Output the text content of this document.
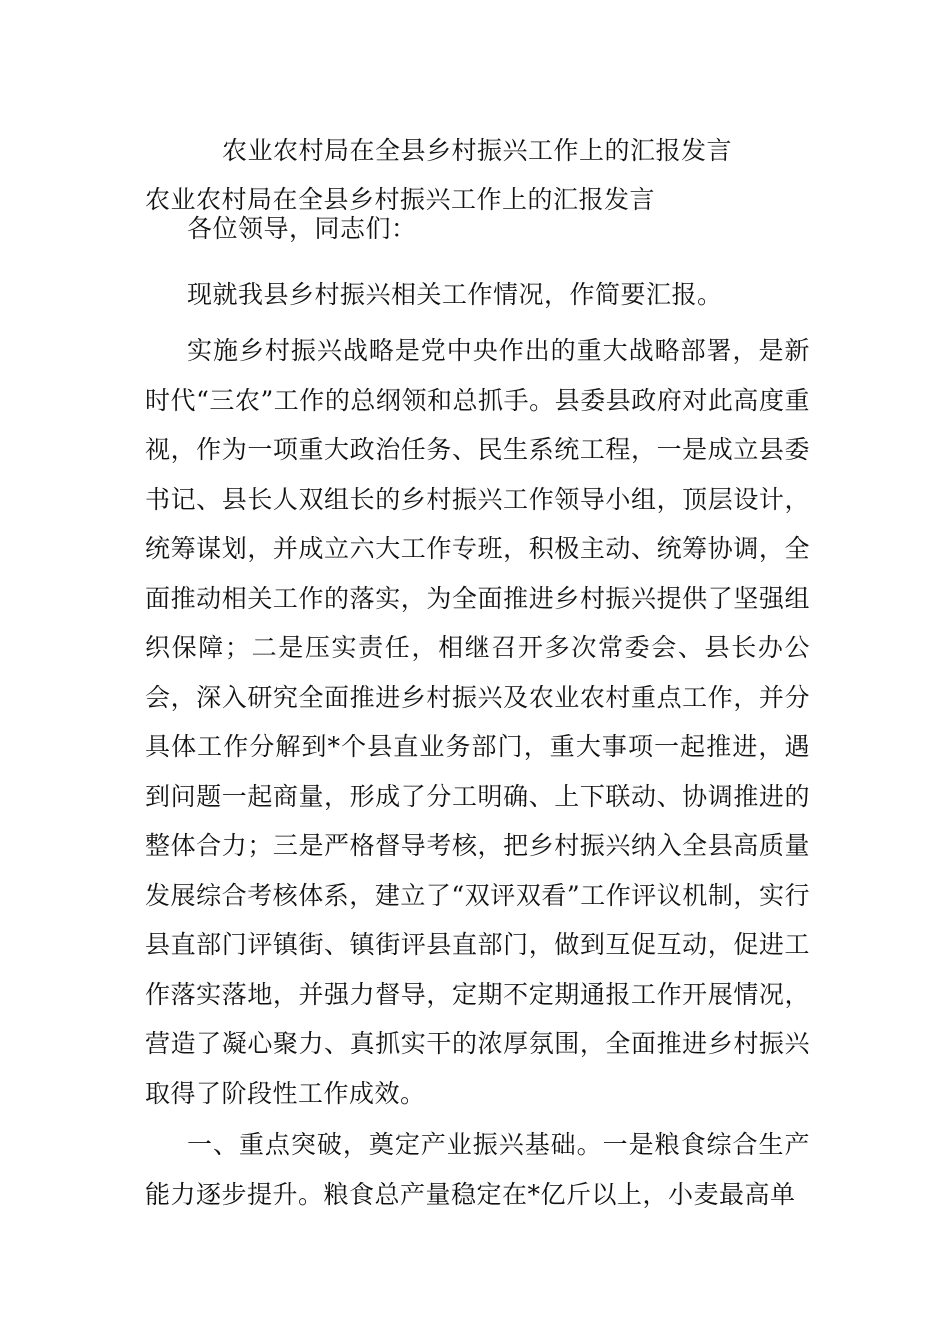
农业农村局在全县乡村振兴工作上的汇报发言
农业农村局在全县乡村振兴工作上的汇报发言

各位领导，同志们：

现就我县乡村振兴相关工作情况，作简要汇报。

实施乡村振兴战略是党中央作出的重大战略部署，是新时代“三农”工作的总纲领和总抓手。县委县政府对此高度重视，作为一项重大政治任务、民生系统工程，一是成立县委书记、县长人双组长的乡村振兴工作领导小组，顶层设计，统筹谋划，并成立六大工作专班，积极主动、统筹协调，全面推动相关工作的落实，为全面推进乡村振兴提供了坚强组织保障；二是压实责任，相继召开多次常委会、县长办公会，深入研究全面推进乡村振兴及农业农村重点工作，并分具体工作分解到*个县直业务部门，重大事项一起推进，遇到问题一起商量，形成了分工明确、上下联动、协调推进的整体合力；三是严格督导考核，把乡村振兴纳入全县高质量发展综合考核体系，建立了“双评双看”工作评议机制，实行县直部门评镇街、镇街评县直部门，做到互促互动，促进工作落实落地，并强力督导，定期不定期通报工作开展情况，营造了凝心聚力、真抓实干的浓厚氛围，全面推进乡村振兴取得了阶段性工作成效。

一、重点突破，奠定产业振兴基础。一是粮食综合生产能力逐步提升。粮食总产量稳定在*亿斤以上，小麦最高单
